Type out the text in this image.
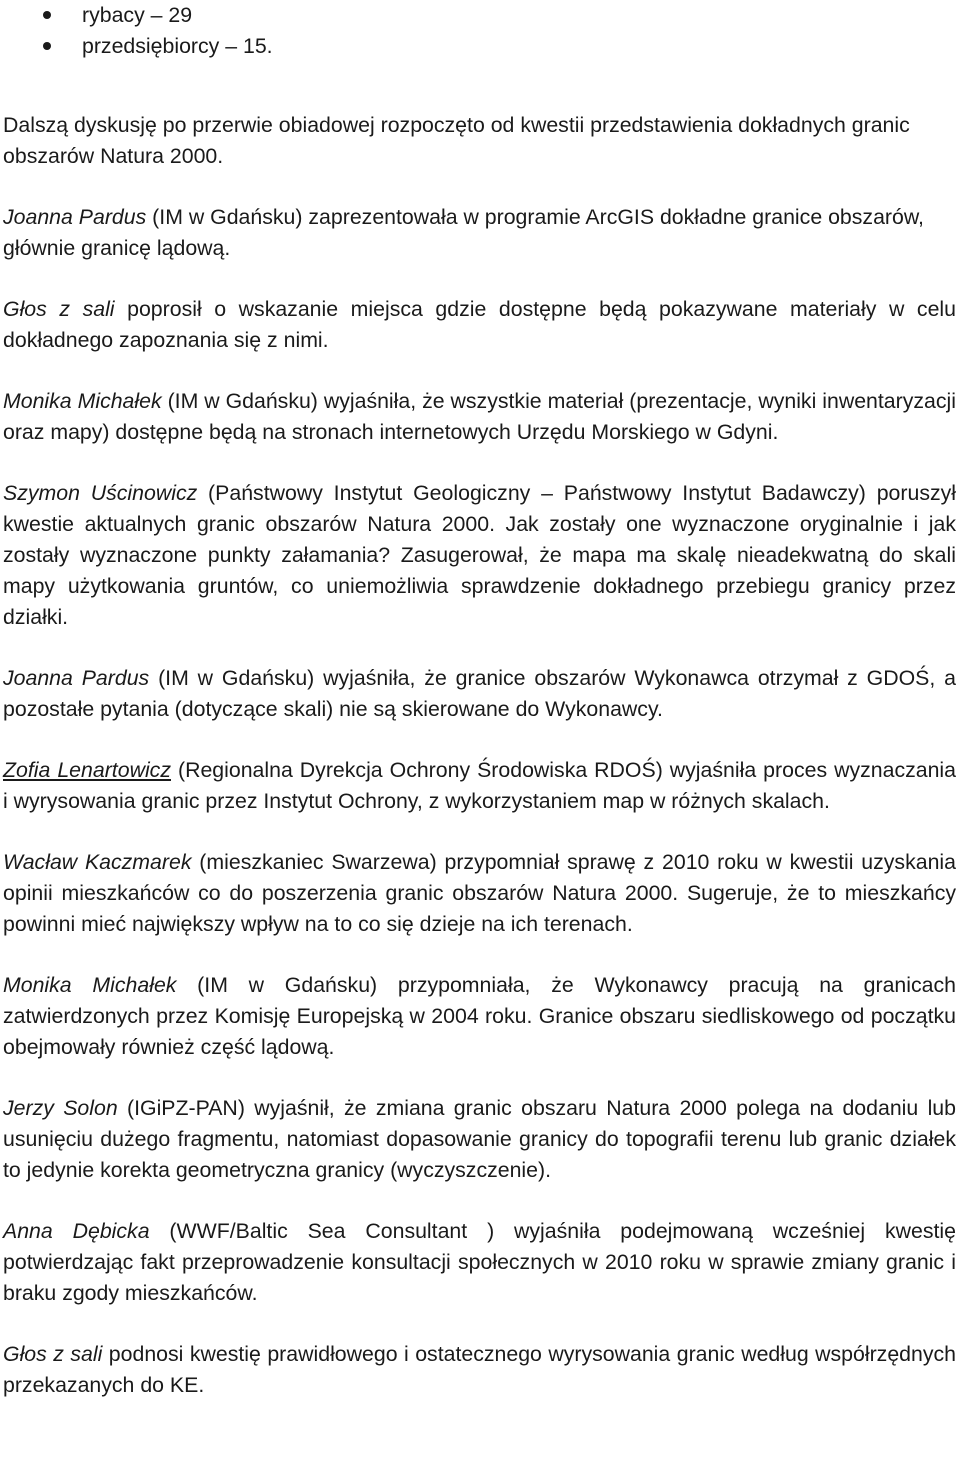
rybacy – 29
przedsiębiorcy – 15.

Dalszą dyskusję po przerwie obiadowej rozpoczęto od kwestii przedstawienia dokładnych granic obszarów Natura 2000.

Joanna Pardus (IM w Gdańsku) zaprezentowała w programie ArcGIS dokładne granice obszarów, głównie granicę lądową.

Głos z sali poprosił o wskazanie miejsca gdzie dostępne będą pokazywane materiały w celu dokładnego zapoznania się z nimi.

Monika Michałek (IM w Gdańsku) wyjaśniła, że wszystkie materiał (prezentacje, wyniki inwentaryzacji oraz mapy) dostępne będą na stronach internetowych Urzędu Morskiego w Gdyni.

Szymon Uścinowicz (Państwowy Instytut Geologiczny – Państwowy Instytut Badawczy) poruszył kwestie aktualnych granic obszarów Natura 2000. Jak zostały one wyznaczone oryginalnie i jak zostały wyznaczone punkty załamania? Zasugerował, że mapa ma skalę nieadekwatną do skali mapy użytkowania gruntów, co uniemożliwia sprawdzenie dokładnego przebiegu granicy przez działki.

Joanna Pardus (IM w Gdańsku) wyjaśniła, że granice obszarów Wykonawca otrzymał z GDOŚ, a pozostałe pytania (dotyczące skali) nie są skierowane do Wykonawcy.

Zofia Lenartowicz (Regionalna Dyrekcja Ochrony Środowiska RDOŚ) wyjaśniła proces wyznaczania i wyrysowania granic przez Instytut Ochrony, z wykorzystaniem map w różnych skalach.

Wacław Kaczmarek (mieszkaniec Swarzewa) przypomniał sprawę z 2010 roku w kwestii uzyskania opinii mieszkańców co do poszerzenia granic obszarów Natura 2000. Sugeruje, że to mieszkańcy powinni mieć największy wpływ na to co się dzieje na ich terenach.

Monika Michałek (IM w Gdańsku) przypomniała, że Wykonawcy pracują na granicach zatwierdzonych przez Komisję Europejską w 2004 roku. Granice obszaru siedliskowego od początku obejmowały również część lądową.

Jerzy Solon (IGiPZ-PAN) wyjaśnił, że zmiana granic obszaru Natura 2000 polega na dodaniu lub usunięciu dużego fragmentu, natomiast dopasowanie granicy do topografii terenu lub granic działek to jedynie korekta geometryczna granicy (wyczyszczenie).

Anna Dębicka (WWF/Baltic Sea Consultant ) wyjaśniła podejmowaną wcześniej kwestię potwierdzając fakt przeprowadzenie konsultacji społecznych w 2010 roku w sprawie zmiany granic i braku zgody mieszkańców.

Głos z sali podnosi kwestię prawidłowego i ostatecznego wyrysowania granic według współrzędnych przekazanych do KE.
